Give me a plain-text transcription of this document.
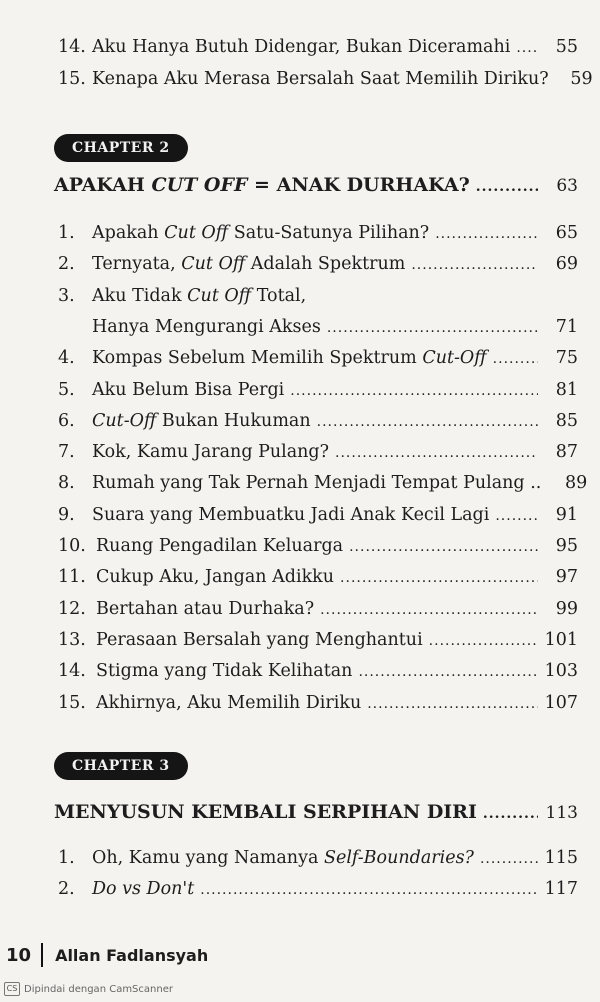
14. Aku Hanya Butuh Didengar, Bukan Diceramahi .....	55
15. Kenapa Aku Merasa Bersalah Saat Memilih Diriku?	59
CHAPTER 2
APAKAH CUT OFF = ANAK DURHAKA? .....	63
1. Apakah Cut Off Satu-Satunya Pilihan? .....	65
2. Ternyata, Cut Off Adalah Spektrum .....	69
3. Aku Tidak Cut Off Total,
Hanya Mengurangi Akses .....	71
4. Kompas Sebelum Memilih Spektrum Cut-Off .....	75
5. Aku Belum Bisa Pergi .....	81
6. Cut-Off Bukan Hukuman .....	85
7. Kok, Kamu Jarang Pulang? .....	87
8. Rumah yang Tak Pernah Menjadi Tempat Pulang ..	89
9. Suara yang Membuatku Jadi Anak Kecil Lagi .....	91
10. Ruang Pengadilan Keluarga .....	95
11. Cukup Aku, Jangan Adikku .....	97
12. Bertahan atau Durhaka? .....	99
13. Perasaan Bersalah yang Menghantui .....	101
14. Stigma yang Tidak Kelihatan .....	103
15. Akhirnya, Aku Memilih Diriku .....	107
CHAPTER 3
MENYUSUN KEMBALI SERPIHAN DIRI .....	113
1. Oh, Kamu yang Namanya Self-Boundaries? .....	115
2. Do vs Don't .....	117
10 Allan Fadlansyah
CS Dipindai dengan CamScanner
